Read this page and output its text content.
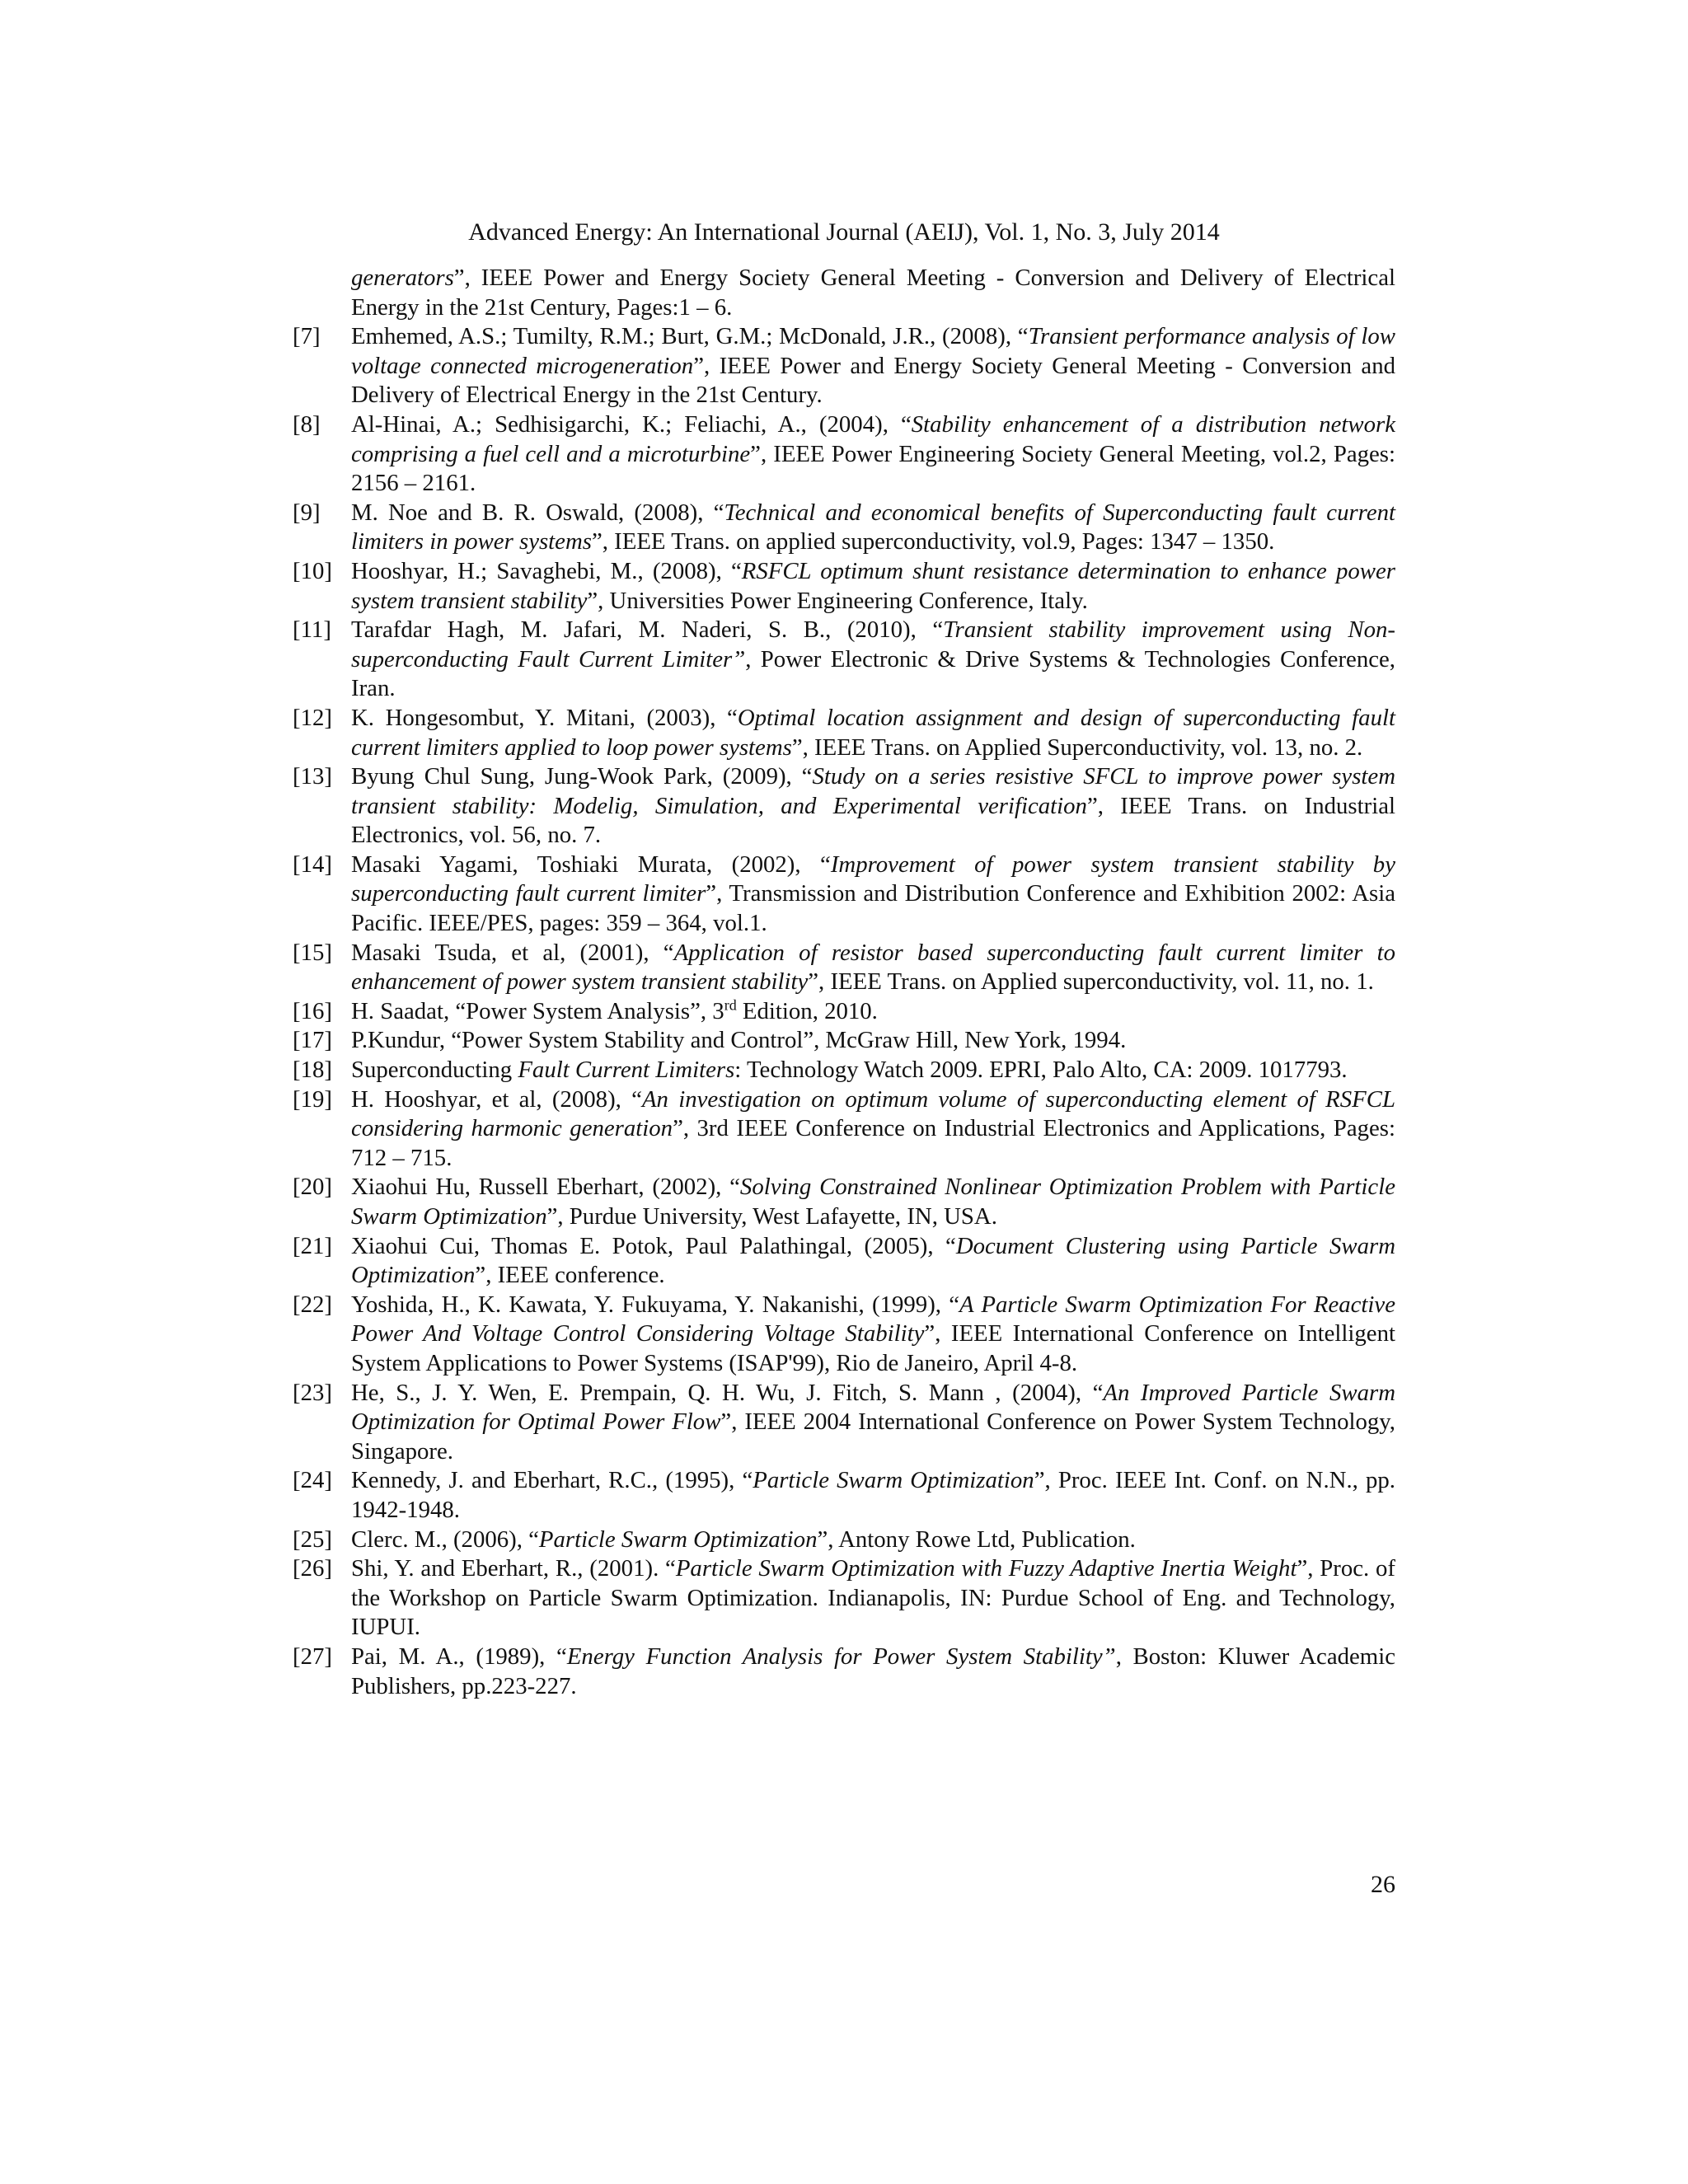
Advanced Energy: An International Journal (AEIJ), Vol. 1, No. 3, July 2014
generators”, IEEE Power and Energy Society General Meeting - Conversion and Delivery of Electrical Energy in the 21st Century, Pages:1 – 6.
[7] Emhemed, A.S.; Tumilty, R.M.; Burt, G.M.; McDonald, J.R., (2008), “Transient performance analysis of low voltage connected microgeneration”, IEEE Power and Energy Society General Meeting - Conversion and Delivery of Electrical Energy in the 21st Century.
[8] Al-Hinai, A.; Sedhisigarchi, K.; Feliachi, A., (2004), “Stability enhancement of a distribution network comprising a fuel cell and a microturbine”, IEEE Power Engineering Society General Meeting, vol.2, Pages: 2156 – 2161.
[9] M. Noe and B. R. Oswald, (2008), “Technical and economical benefits of Superconducting fault current limiters in power systems”, IEEE Trans. on applied superconductivity, vol.9, Pages: 1347 – 1350.
[10] Hooshyar, H.; Savaghebi, M., (2008), “RSFCL optimum shunt resistance determination to enhance power system transient stability”, Universities Power Engineering Conference, Italy.
[11] Tarafdar Hagh, M. Jafari, M. Naderi, S. B., (2010), “Transient stability improvement using Non-superconducting Fault Current Limiter”, Power Electronic & Drive Systems & Technologies Conference, Iran.
[12] K. Hongesombut, Y. Mitani, (2003), “Optimal location assignment and design of superconducting fault current limiters applied to loop power systems”, IEEE Trans. on Applied Superconductivity, vol. 13, no. 2.
[13] Byung Chul Sung, Jung-Wook Park, (2009), “Study on a series resistive SFCL to improve power system transient stability: Modelig, Simulation, and Experimental verification”, IEEE Trans. on Industrial Electronics, vol. 56, no. 7.
[14] Masaki Yagami, Toshiaki Murata, (2002), “Improvement of power system transient stability by superconducting fault current limiter”, Transmission and Distribution Conference and Exhibition 2002: Asia Pacific. IEEE/PES, pages: 359 – 364, vol.1.
[15] Masaki Tsuda, et al, (2001), “Application of resistor based superconducting fault current limiter to enhancement of power system transient stability”, IEEE Trans. on Applied superconductivity, vol. 11, no. 1.
[16] H. Saadat, “Power System Analysis”, 3rd Edition, 2010.
[17] P.Kundur, “Power System Stability and Control”, McGraw Hill, New York, 1994.
[18] Superconducting Fault Current Limiters: Technology Watch 2009. EPRI, Palo Alto, CA: 2009. 1017793.
[19] H. Hooshyar, et al, (2008), “An investigation on optimum volume of superconducting element of RSFCL considering harmonic generation”, 3rd IEEE Conference on Industrial Electronics and Applications, Pages: 712 – 715.
[20] Xiaohui Hu, Russell Eberhart, (2002), “Solving Constrained Nonlinear Optimization Problem with Particle Swarm Optimization”, Purdue University, West Lafayette, IN, USA.
[21] Xiaohui Cui, Thomas E. Potok, Paul Palathingal, (2005), “Document Clustering using Particle Swarm Optimization”, IEEE conference.
[22] Yoshida, H., K. Kawata, Y. Fukuyama, Y. Nakanishi, (1999), “A Particle Swarm Optimization For Reactive Power And Voltage Control Considering Voltage Stability”, IEEE International Conference on Intelligent System Applications to Power Systems (ISAP'99), Rio de Janeiro, April 4-8.
[23] He, S., J. Y. Wen, E. Prempain, Q. H. Wu, J. Fitch, S. Mann , (2004), “An Improved Particle Swarm Optimization for Optimal Power Flow”, IEEE 2004 International Conference on Power System Technology, Singapore.
[24] Kennedy, J. and Eberhart, R.C., (1995), “Particle Swarm Optimization”, Proc. IEEE Int. Conf. on N.N., pp. 1942-1948.
[25] Clerc. M., (2006), “Particle Swarm Optimization”, Antony Rowe Ltd, Publication.
[26] Shi, Y. and Eberhart, R., (2001). “Particle Swarm Optimization with Fuzzy Adaptive Inertia Weight”, Proc. of the Workshop on Particle Swarm Optimization. Indianapolis, IN: Purdue School of Eng. and Technology, IUPUI.
[27] Pai, M. A., (1989), “Energy Function Analysis for Power System Stability”, Boston: Kluwer Academic Publishers, pp.223-227.
26
